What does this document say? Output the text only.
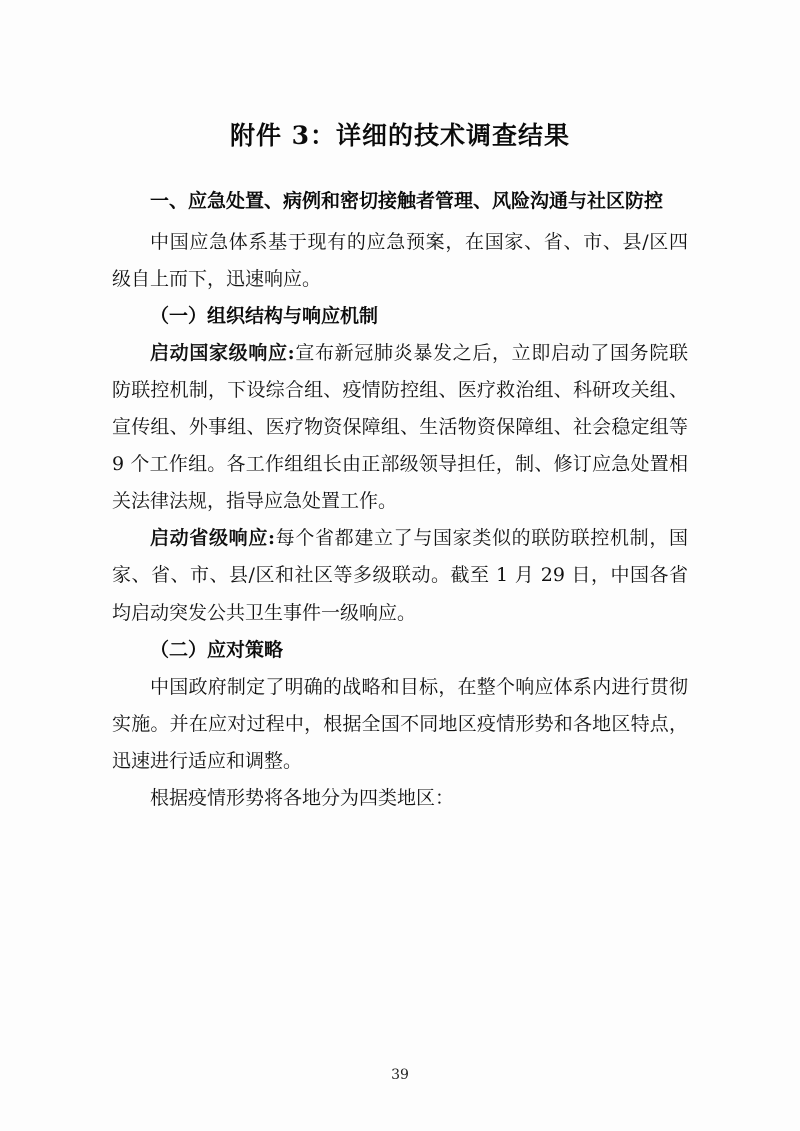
附件 3：详细的技术调查结果
一、应急处置、病例和密切接触者管理、风险沟通与社区防控

中国应急体系基于现有的应急预案，在国家、省、市、县/区四级自上而下，迅速响应。

（一）组织结构与响应机制

启动国家级响应:宣布新冠肺炎暴发之后，立即启动了国务院联防联控机制，下设综合组、疫情防控组、医疗救治组、科研攻关组、宣传组、外事组、医疗物资保障组、生活物资保障组、社会稳定组等 9 个工作组。各工作组组长由正部级领导担任，制、修订应急处置相关法律法规，指导应急处置工作。

启动省级响应:每个省都建立了与国家类似的联防联控机制，国家、省、市、县/区和社区等多级联动。截至 1 月 29 日，中国各省均启动突发公共卫生事件一级响应。

（二）应对策略

中国政府制定了明确的战略和目标，在整个响应体系内进行贯彻实施。并在应对过程中，根据全国不同地区疫情形势和各地区特点，迅速进行适应和调整。

根据疫情形势将各地分为四类地区：

39
